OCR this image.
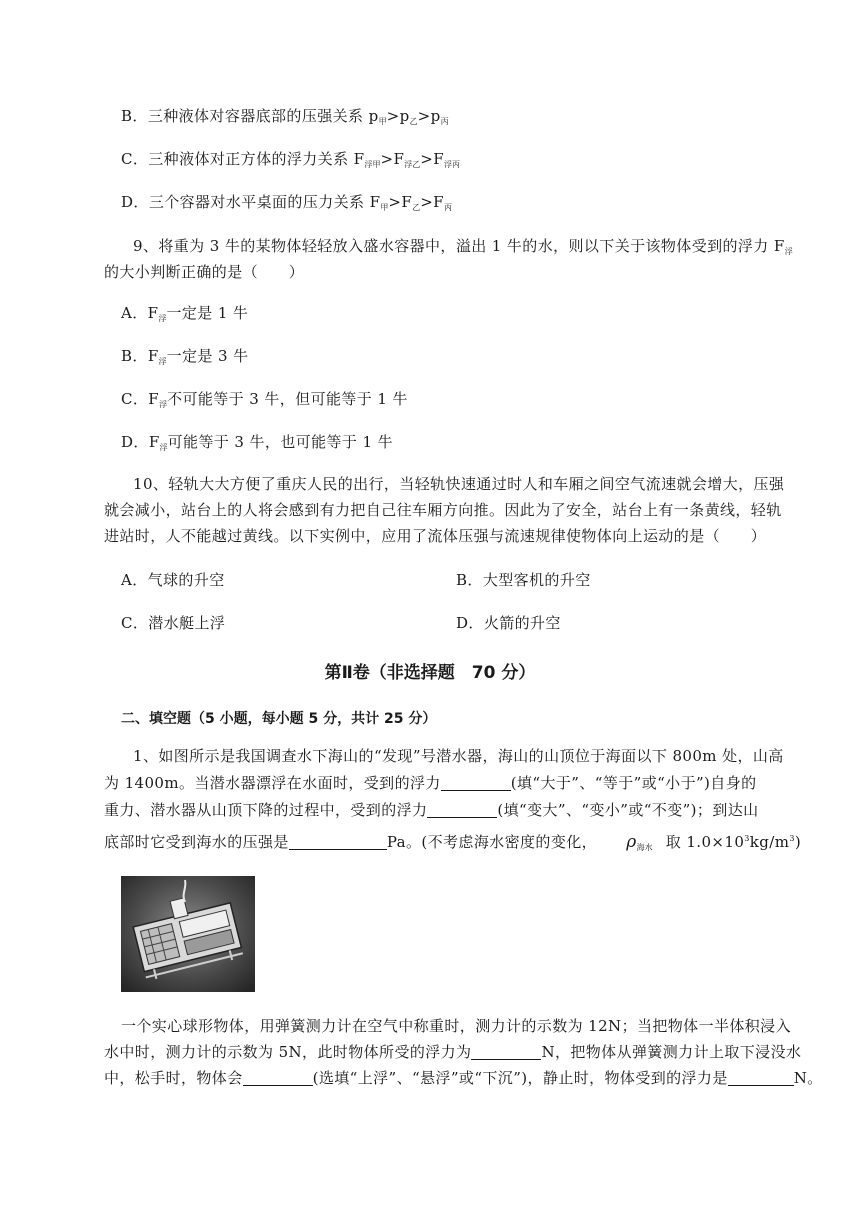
B．三种液体对容器底部的压强关系 $p_甲>p_乙>p_丙$
C．三种液体对正方体的浮力关系 $F_{浮甲}>F_{浮乙}>F_{浮丙}$
D．三个容器对水平桌面的压力关系 $F_甲>F_乙>F_丙$
9、将重为 3 牛的某物体轻轻放入盛水容器中，溢出 1 牛的水，则以下关于该物体受到的浮力 $F_浮$
的大小判断正确的是（　　）
A．$F_浮$一定是 1 牛
B．$F_浮$一定是 3 牛
C．$F_浮$不可能等于 3 牛，但可能等于 1 牛
D．$F_浮$可能等于 3 牛，也可能等于 1 牛
10、轻轨大大方便了重庆人民的出行，当轻轨快速通过时人和车厢之间空气流速就会增大，压强
就会减小，站台上的人将会感到有力把自己往车厢方向推。因此为了安全，站台上有一条黄线，轻轨
进站时，人不能越过黄线。以下实例中，应用了流体压强与流速规律使物体向上运动的是（　　）
A．气球的升空	B．大型客机的升空
C．潜水艇上浮	D．火箭的升空
第Ⅱ卷（非选择题　70 分）
二、填空题（5 小题，每小题 5 分，共计 25 分）
1、如图所示是我国调查水下海山的“发现”号潜水器，海山的山顶位于海面以下 800m 处，山高
为 1400m。当潜水器漂浮在水面时，受到的浮力	(填“大于”、“等于”或“小于”)自身的
重力、潜水器从山顶下降的过程中，受到的浮力	(填“变大”、“变小”或“不变”)；到达山
底部时它受到海水的压强是	Pa。(不考虑海水密度的变化， $\rho_{海水}$ 取 $1.0\times 10^3kg/m^3$)
一个实心球形物体，用弹簧测力计在空气中称重时，测力计的示数为 12N；当把物体一半体积浸入
水中时，测力计的示数为 5N，此时物体所受的浮力为	N，把物体从弹簧测力计上取下浸没水
中，松手时，物体会	(选填“上浮”、“悬浮”或“下沉”)，静止时，物体受到的浮力是	N。
